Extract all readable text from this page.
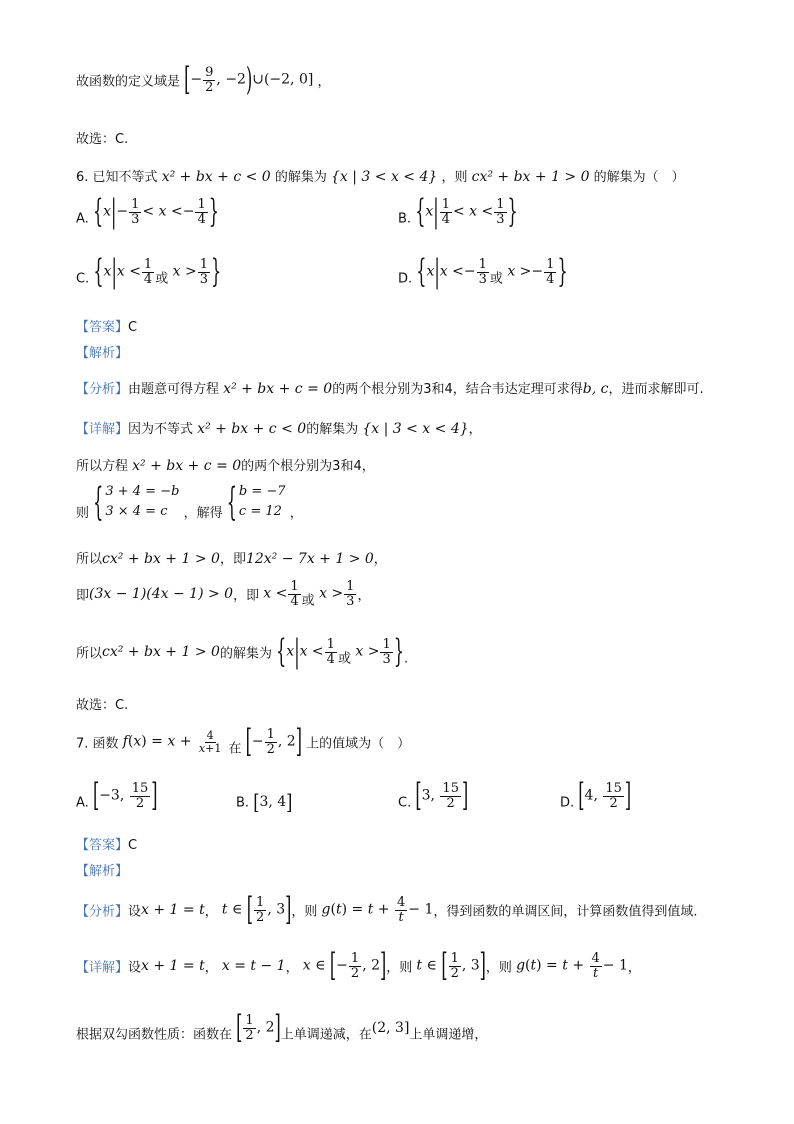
故函数的定义域是 [− $\frac{9}{2}$ , −2)∪(−2, 0] ，
故选：C.
6. 已知不等式 x² + bx + c < 0 的解集为 {x | 3 < x < 4} ，则 cx² + bx + 1 > 0 的解集为（　）
A. {$x|- \frac{1}{3} < x <- \frac{1}{4}$ }	B. {$x| \frac{1}{4} < x < \frac{1}{3}$ }
C. {$x|x < \frac{1}{4}$ 或 $x > \frac{1}{3}$ }	D. {$x|x <- \frac{1}{3}$ 或 $x >- \frac{1}{4}$ }
【答案】C
【解析】
【分析】由题意可得方程 x² + bx + c = 0的两个根分别为3和4，结合韦达定理可求得b, c，进而求解即可.
【详解】因为不等式 x² + bx + c < 0的解集为 {x | 3 < x < 4}，
所以方程 x² + bx + c = 0的两个根分别为3和4，
则 { 3 + 4 = −b
3 × 4 = c	，解得 { b = −7
c = 12 ，
所以cx² + bx + 1 > 0，即12x² − 7x + 1 > 0，
即(3x − 1)(4x − 1) > 0，即 $x < \frac{1}{4}$ 或 $x > \frac{1}{3}$ ，
所以cx² + bx + 1 > 0的解集为 {$x|x < \frac{1}{4}$ 或 $x > \frac{1}{3}$ }.
故选：C.
7. 函数 $f(x) = x + \frac{4}{x+1}$ 在 [− $\frac{1}{2}$ , 2] 上的值域为（　）
A. [−3, $\frac{15}{2}$ ]	B. [3, 4]	C. [3, $\frac{15}{2}$ ]	D. [4, $\frac{15}{2}$ ]
【答案】C
【解析】
【分析】设x + 1 = t， t ∈ [ $\frac{1}{2}$ , 3]，则 $g(t) = t + \frac{4}{t} - 1$，得到函数的单调区间，计算函数值得到值域.
【详解】设x + 1 = t， x = t − 1， x ∈ [− $\frac{1}{2}$ , 2]，则 t ∈ [ $\frac{1}{2}$ , 3]，则 $g(t) = t + \frac{4}{t} - 1$，
根据双勾函数性质：函数在 [ $\frac{1}{2}$ , 2]上单调递减，在(2, 3]上单调递增，
